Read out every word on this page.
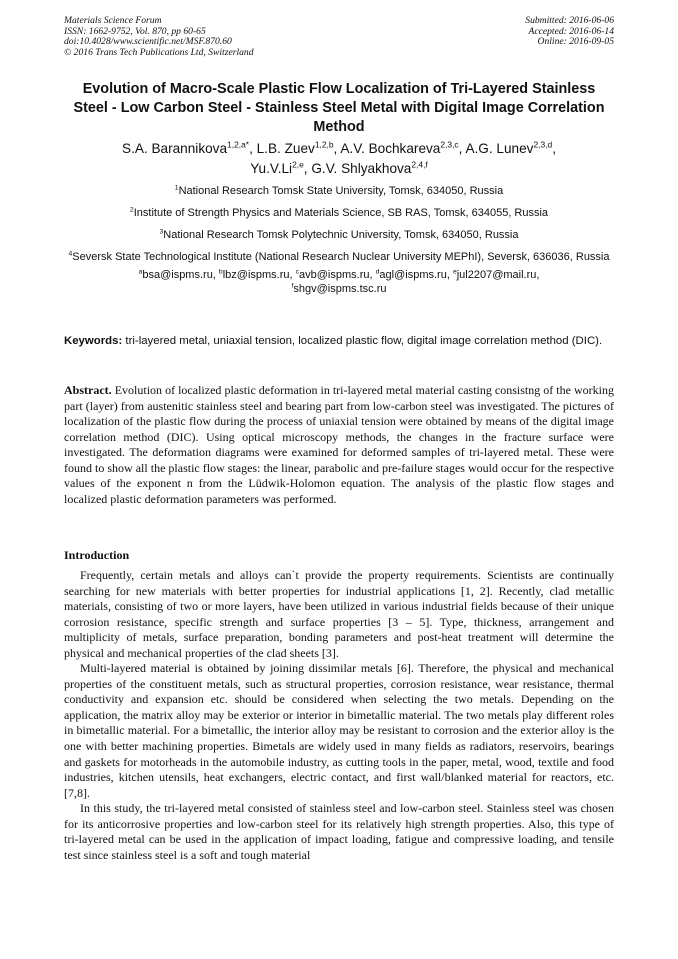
Materials Science Forum
ISSN: 1662-9752, Vol. 870, pp 60-65
doi:10.4028/www.scientific.net/MSF.870.60
© 2016 Trans Tech Publications Ltd, Switzerland
Submitted: 2016-06-06
Accepted: 2016-06-14
Online: 2016-09-05
Evolution of Macro-Scale Plastic Flow Localization of Tri-Layered Stainless Steel - Low Carbon Steel - Stainless Steel Metal with Digital Image Correlation Method
S.A. Barannikova$^{1,2,a*}$, L.B. Zuev$^{1,2,b}$, A.V. Bochkareva$^{2,3,c}$, A.G. Lunev$^{2,3,d}$,
Yu.V.Li$^{2,e}$, G.V. Shlyakhova$^{2,4,f}$

$^1$National Research Tomsk State University, Tomsk, 634050, Russia

$^2$Institute of Strength Physics and Materials Science, SB RAS, Tomsk, 634055, Russia

$^3$National Research Tomsk Polytechnic University, Tomsk, 634050, Russia

$^4$Seversk State Technological Institute (National Research Nuclear University MEPhI), Seversk, 636036, Russia

$^a$bsa@ispms.ru, $^b$lbz@ispms.ru, $^c$avb@ispms.ru, $^d$agl@ispms.ru, $^e$jul2207@mail.ru,
$^f$shgv@ispms.tsc.ru

Keywords: tri-layered metal, uniaxial tension, localized plastic flow, digital image correlation method (DIC).
Abstract. Evolution of localized plastic deformation in tri-layered metal material casting consistng of the working part (layer) from austenitic stainless steel and bearing part from low-carbon steel was investigated. The pictures of localization of the plastic flow during the process of uniaxial tension were obtained by means of the digital image correlation method (DIC). Using optical microscopy methods, the changes in the fracture surface were investigated. The deformation diagrams were examined for deformed samples of tri-layered metal. These were found to show all the plastic flow stages: the linear, parabolic and pre-failure stages would occur for the respective values of the exponent n from the Lüdwik-Holomon equation. The analysis of the plastic flow stages and localized plastic deformation parameters was performed.
Introduction

Frequently, certain metals and alloys can`t provide the property requirements. Scientists are continually searching for new materials with better properties for industrial applications [1, 2]. Recently, clad metallic materials, consisting of two or more layers, have been utilized in various industrial fields because of their unique corrosion resistance, specific strength and surface properties [3 – 5]. Type, thickness, arrangement and multiplicity of metals, surface preparation, bonding parameters and post-heat treatment will determine the physical and mechanical properties of the clad sheets [3].

Multi-layered material is obtained by joining dissimilar metals [6]. Therefore, the physical and mechanical properties of the constituent metals, such as structural properties, corrosion resistance, wear resistance, thermal conductivity and expansion etc. should be considered when selecting the two metals. Depending on the application, the matrix alloy may be exterior or interior in bimetallic material. The two metals play different roles in bimetallic material. For a bimetallic, the interior alloy may be resistant to corrosion and the exterior alloy is the one with better machining properties. Bimetals are widely used in many fields as radiators, reservoirs, bearings and gaskets for motorheads in the automobile industry, as cutting tools in the paper, metal, wood, textile and food industries, kitchen utensils, heat exchangers, electric contact, and first wall/blanked material for reactors, etc. [7,8].

In this study, the tri-layered metal consisted of stainless steel and low-carbon steel. Stainless steel was chosen for its anticorrosive properties and low-carbon steel for its relatively high strength properties. Also, this type of tri-layered metal can be used in the application of impact loading, fatigue and compressive loading, and tensile test since stainless steel is a soft and tough material
